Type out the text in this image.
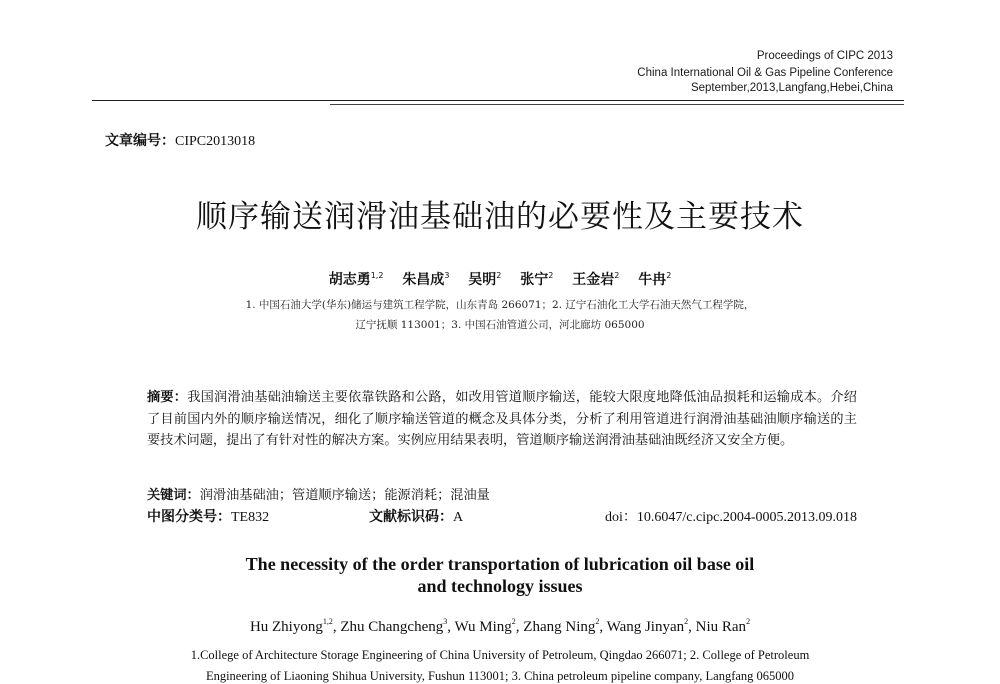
Proceedings of CIPC 2013
China International Oil & Gas Pipeline Conference
September,2013,Langfang,Hebei,China
文章编号：CIPC2013018
顺序输送润滑油基础油的必要性及主要技术
胡志勇$^{1,2}$ 朱昌成$^3$ 吴明$^2$ 张宁$^2$ 王金岩$^2$ 牛冉$^2$
1. 中国石油大学(华东)储运与建筑工程学院，山东青岛 266071；2. 辽宁石油化工大学石油天然气工程学院，
辽宁抚顺 113001；3. 中国石油管道公司，河北廊坊 065000
摘要：我国润滑油基础油输送主要依靠铁路和公路，如改用管道顺序输送，能较大限度地降低油品损耗和运输成本。介绍了目前国内外的顺序输送情况，细化了顺序输送管道的概念及具体分类，分析了利用管道进行润滑油基础油顺序输送的主要技术问题，提出了有针对性的解决方案。实例应用结果表明，管道顺序输送润滑油基础油既经济又安全方便。
关键词：润滑油基础油；管道顺序输送；能源消耗；混油量
中图分类号：TE832	文献标识码：A	doi：10.6047/c.cipc.2004-0005.2013.09.018
The necessity of the order transportation of lubrication oil base oil
and technology issues
Hu Zhiyong$^{1,2}$, Zhu Changcheng$^3$, Wu Ming$^2$, Zhang Ning$^2$, Wang Jinyan$^2$, Niu Ran$^2$
1.College of Architecture Storage Engineering of China University of Petroleum, Qingdao 266071; 2. College of Petroleum
Engineering of Liaoning Shihua University, Fushun 113001; 3. China petroleum pipeline company, Langfang 065000
